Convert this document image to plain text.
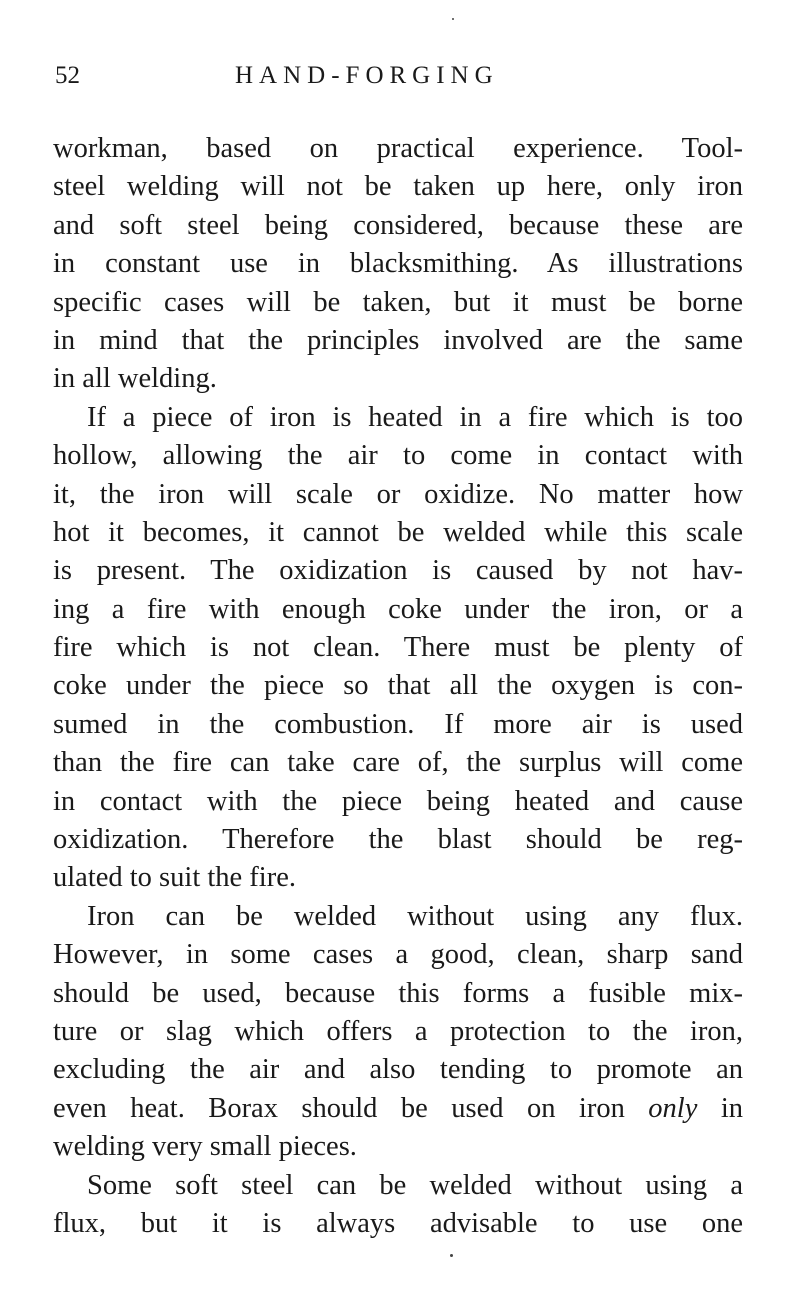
52	HAND-FORGING
workman, based on practical experience. Tool-
steel welding will not be taken up here, only iron
and soft steel being considered, because these are
in constant use in blacksmithing. As illustrations
specific cases will be taken, but it must be borne
in mind that the principles involved are the same
in all welding.
If a piece of iron is heated in a fire which is too
hollow, allowing the air to come in contact with
it, the iron will scale or oxidize. No matter how
hot it becomes, it cannot be welded while this scale
is present. The oxidization is caused by not hav-
ing a fire with enough coke under the iron, or a
fire which is not clean. There must be plenty of
coke under the piece so that all the oxygen is con-
sumed in the combustion. If more air is used
than the fire can take care of, the surplus will come
in contact with the piece being heated and cause
oxidization. Therefore the blast should be reg-
ulated to suit the fire.
Iron can be welded without using any flux.
However, in some cases a good, clean, sharp sand
should be used, because this forms a fusible mix-
ture or slag which offers a protection to the iron,
excluding the air and also tending to promote an
even heat. Borax should be used on iron only in
welding very small pieces.
Some soft steel can be welded without using a
flux, but it is always advisable to use one
